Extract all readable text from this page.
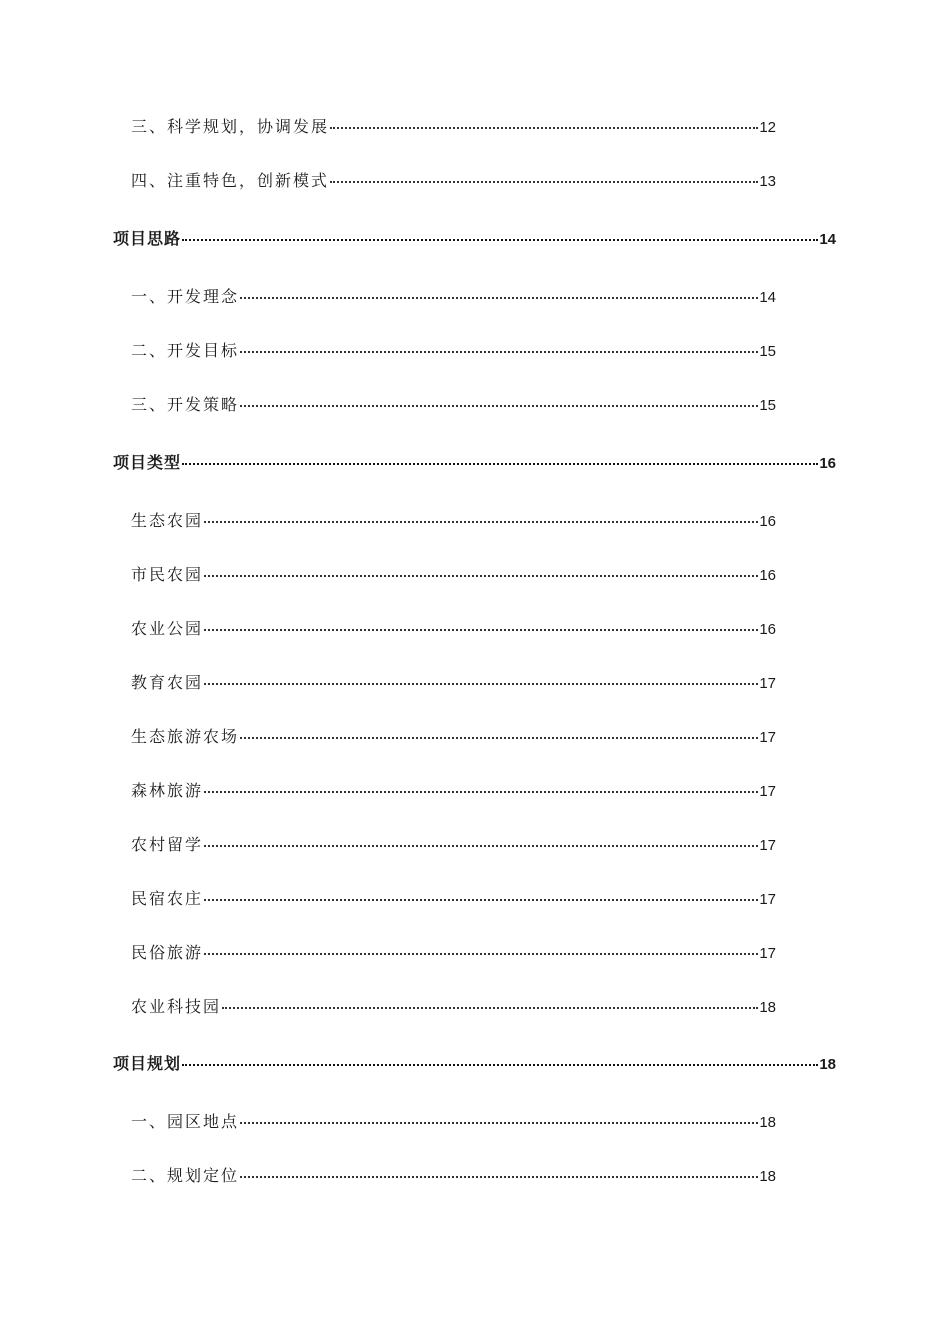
三、科学规划，协调发展	12
四、注重特色，创新模式	13
项目思路	14
一、开发理念	14
二、开发目标	15
三、开发策略	15
项目类型	16
生态农园	16
市民农园	16
农业公园	16
教育农园	17
生态旅游农场	17
森林旅游	17
农村留学	17
民宿农庄	17
民俗旅游	17
农业科技园	18
项目规划	18
一、园区地点	18
二、规划定位	18
